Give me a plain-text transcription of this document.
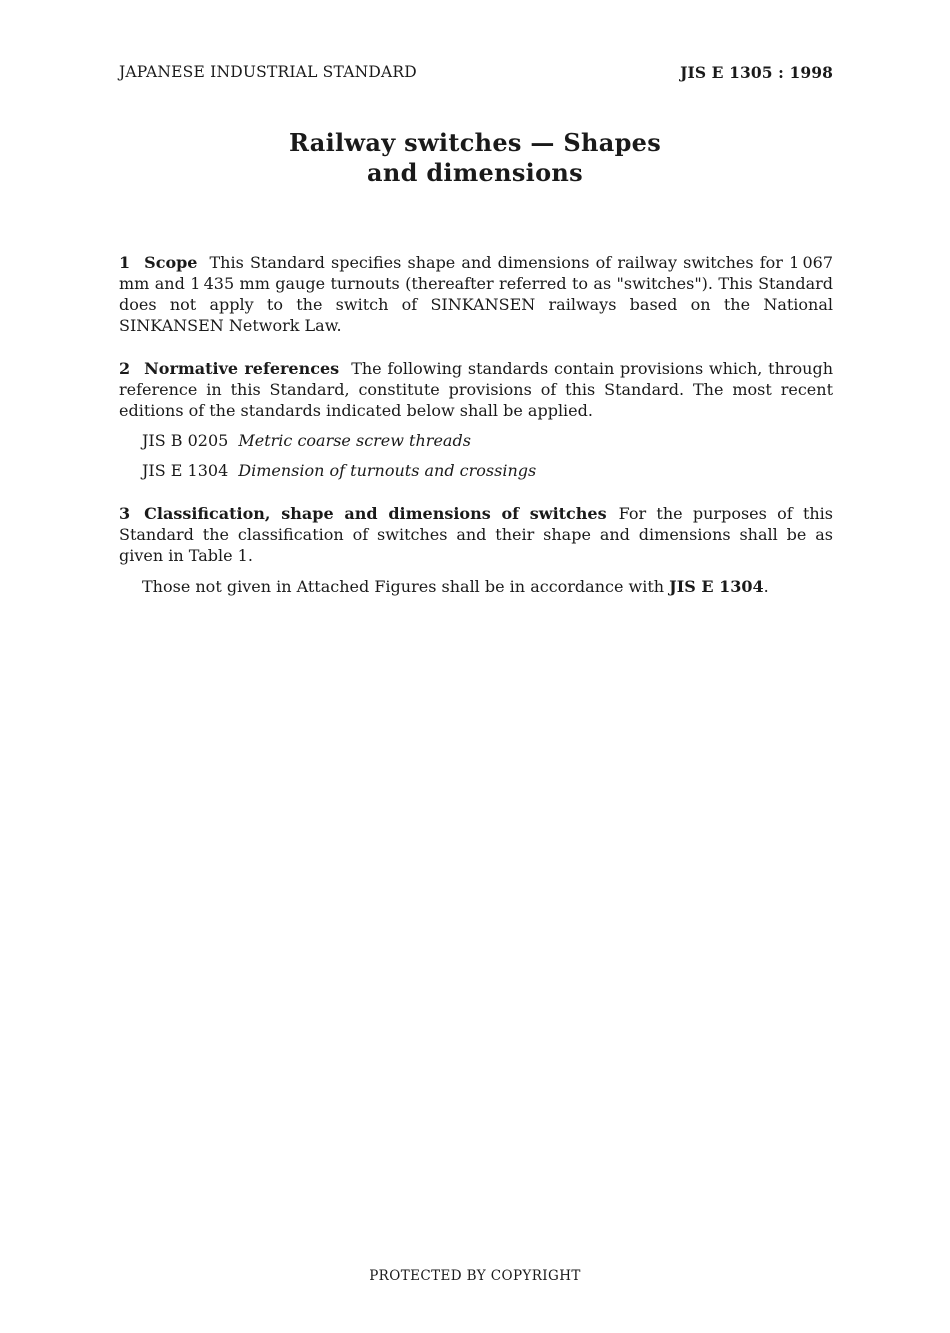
JAPANESE INDUSTRIAL STANDARD	JIS E 1305 : 1998
Railway switches — Shapes
and dimensions
1 Scope This Standard specifies shape and dimensions of railway switches for 1 067 mm and 1 435 mm gauge turnouts (thereafter referred to as "switches"). This Standard does not apply to the switch of SINKANSEN railways based on the National SINKANSEN Network Law.
2 Normative references The following standards contain provisions which, through reference in this Standard, constitute provisions of this Standard. The most recent editions of the standards indicated below shall be applied.
JIS B 0205 Metric coarse screw threads
JIS E 1304 Dimension of turnouts and crossings
3 Classification, shape and dimensions of switches For the purposes of this Standard the classification of switches and their shape and dimensions shall be as given in Table 1.
Those not given in Attached Figures shall be in accordance with JIS E 1304.
PROTECTED BY COPYRIGHT
